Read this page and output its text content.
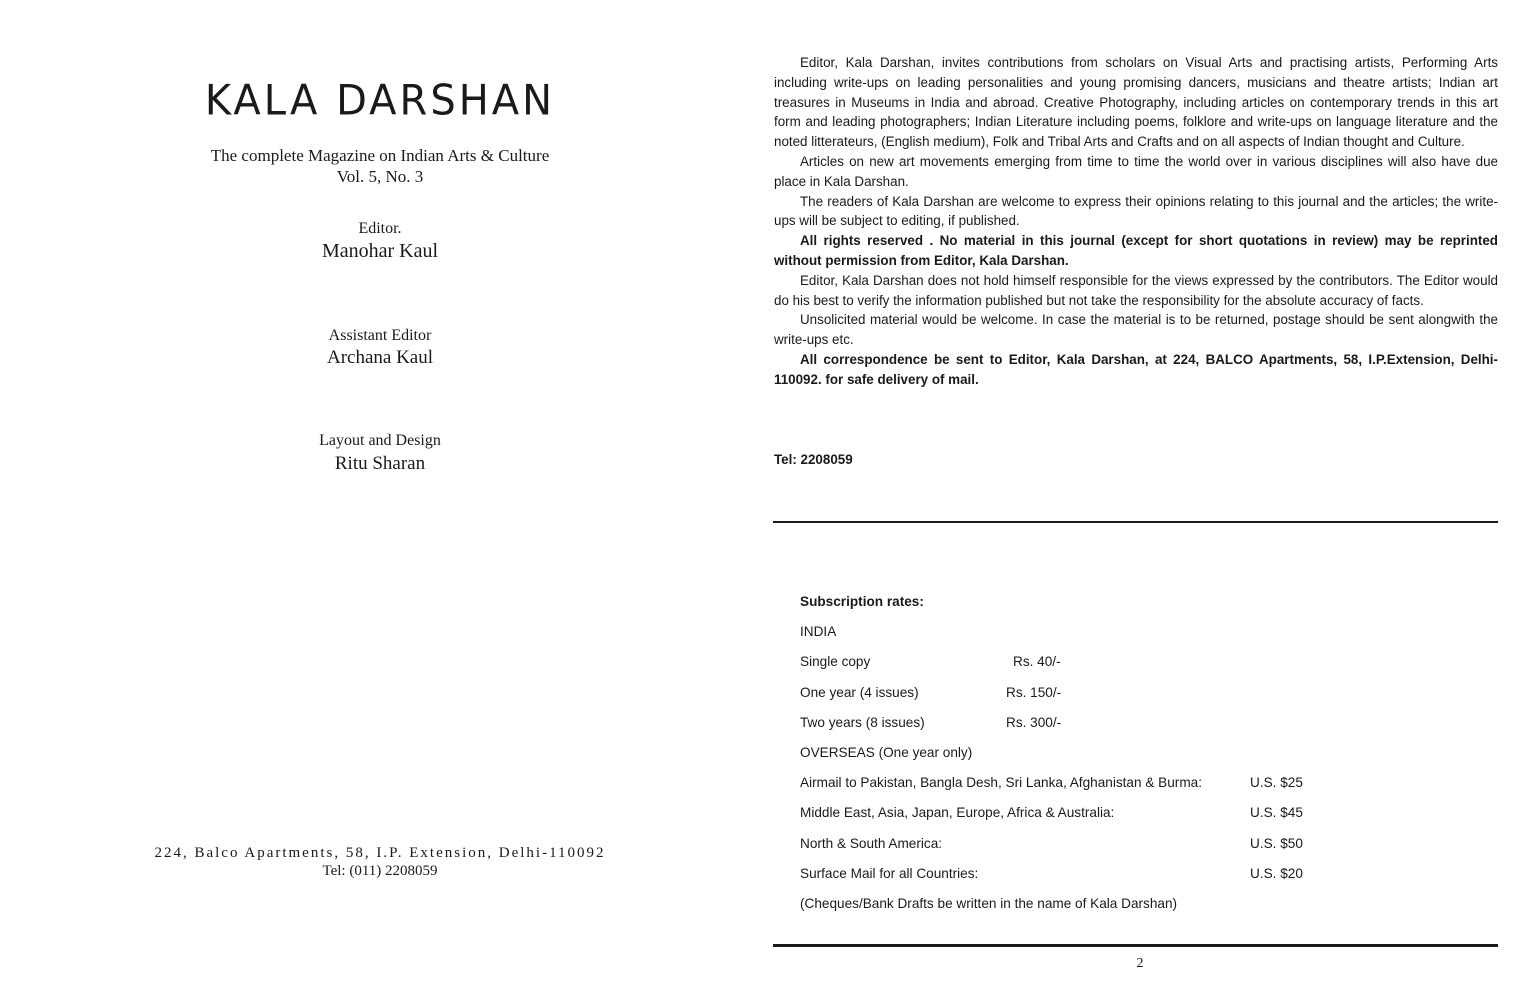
KALA DARSHAN
The complete Magazine on Indian Arts & Culture
Vol. 5, No. 3
Editor.
Manohar Kaul
Assistant Editor
Archana Kaul
Layout and Design
Ritu Sharan
224, Balco Apartments, 58, I.P. Extension, Delhi-110092
Tel: (011) 2208059

Editor, Kala Darshan, invites contributions from scholars on Visual Arts and practising artists, Performing Arts including write-ups on leading personalities and young promising dancers, musicians and theatre artists; Indian art treasures in Museums in India and abroad. Creative Photography, including articles on contemporary trends in this art form and leading photographers; Indian Literature including poems, folklore and write-ups on language literature and the noted litterateurs, (English medium), Folk and Tribal Arts and Crafts and on all aspects of Indian thought and Culture.

Articles on new art movements emerging from time to time the world over in various disciplines will also have due place in Kala Darshan.

The readers of Kala Darshan are welcome to express their opinions relating to this journal and the articles; the write-ups will be subject to editing, if published.

All rights reserved . No material in this journal (except for short quotations in review) may be reprinted without permission from Editor, Kala Darshan.

Editor, Kala Darshan does not hold himself responsible for the views expressed by the contributors. The Editor would do his best to verify the information published but not take the responsibility for the absolute accuracy of facts.

Unsolicited material would be welcome. In case the material is to be returned, postage should be sent alongwith the write-ups etc.

All correspondence be sent to Editor, Kala Darshan, at 224, BALCO Apartments, 58, I.P.Extension, Delhi-110092. for safe delivery of mail.

Tel: 2208059
Subscription rates:
INDIA
Single copy	Rs. 40/-
One year (4 issues)	Rs. 150/-
Two years (8 issues)	Rs. 300/-
OVERSEAS (One year only)
Airmail to Pakistan, Bangla Desh, Sri Lanka, Afghanistan & Burma:	U.S. $25
Middle East, Asia, Japan, Europe, Africa & Australia:	U.S. $45
North & South America:	U.S. $50
Surface Mail for all Countries:	U.S. $20
(Cheques/Bank Drafts be written in the name of Kala Darshan)
2
